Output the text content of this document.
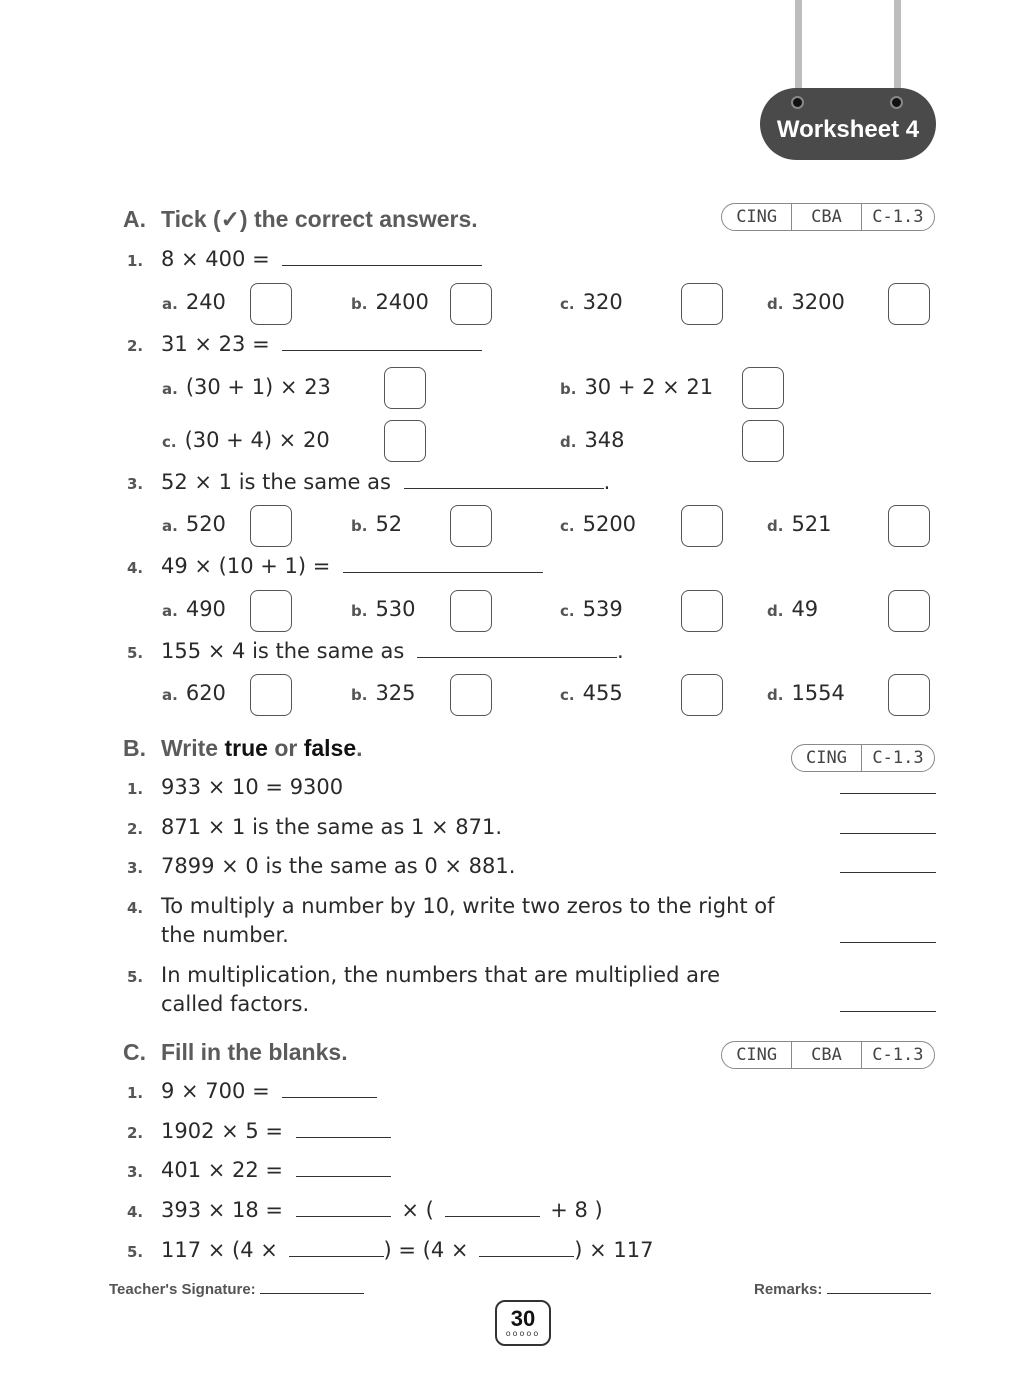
Worksheet 4
A. Tick (✓) the correct answers.	CING	CBA	C-1.3
1. 8 × 400 =
a. 240	b. 2400	c. 320	d. 3200
2. 31 × 23 =
a. (30 + 1) × 23	b. 30 + 2 × 21
c. (30 + 4) × 20	d. 348
3. 52 × 1 is the same as	.
a. 520	b. 52	c. 5200	d. 521
4. 49 × (10 + 1) =
a. 490	b. 530	c. 539	d. 49
5. 155 × 4 is the same as	.
a. 620	b. 325	c. 455	d. 1554
B. Write true or false.	CING	C-1.3
1. 933 × 10 = 9300
2. 871 × 1 is the same as 1 × 871.
3. 7899 × 0 is the same as 0 × 881.
4. To multiply a number by 10, write two zeros to the right of
the number.
5. In multiplication, the numbers that are multiplied are
called factors.
C. Fill in the blanks.	CING	CBA	C-1.3
1. 9 × 700 =
2. 1902 × 5 =
3. 401 × 22 =
4. 393 × 18 =	× (	+ 8 )
5. 117 × (4 ×	) = (4 ×	) × 117
Teacher's Signature:	Remarks:
30
ooooo
